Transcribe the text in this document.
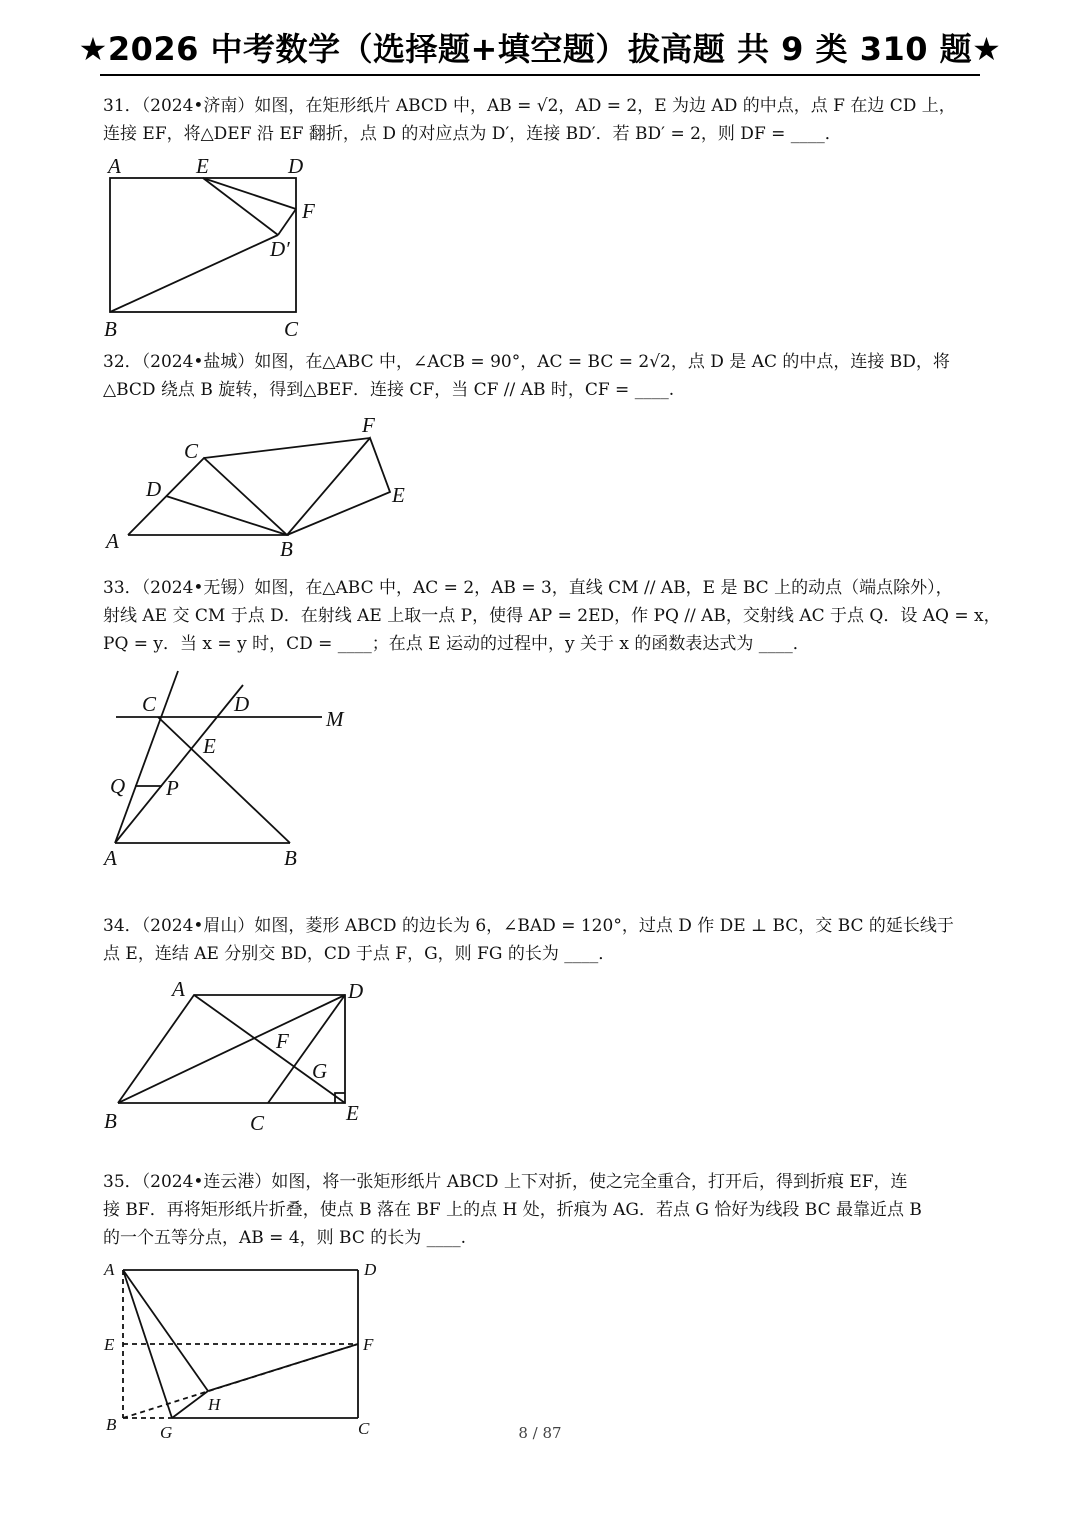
★2026 中考数学（选择题+填空题）拔高题 共 9 类 310 题★
31．（2024•济南）如图，在矩形纸片 ABCD 中，AB = √2，AD = 2，E 为边 AD 的中点，点 F 在边 CD 上，
连接 EF，将△DEF 沿 EF 翻折，点 D 的对应点为 D′，连接 BD′．若 BD′ = 2，则 DF = ____．
A	E	D
F
D′
B	C
32．（2024•盐城）如图，在△ABC 中，∠ACB = 90°，AC = BC = 2√2，点 D 是 AC 的中点，连接 BD，将
△BCD 绕点 B 旋转，得到△BEF．连接 CF，当 CF // AB 时，CF = ____.
C
F
D	E
A	B
33．（2024•无锡）如图，在△ABC 中，AC = 2，AB = 3，直线 CM // AB，E 是 BC 上的动点（端点除外），
射线 AE 交 CM 于点 D．在射线 AE 上取一点 P，使得 AP = 2ED，作 PQ // AB，交射线 AC 于点 Q．设 AQ = x，
PQ = y．当 x = y 时，CD = ____；在点 E 运动的过程中，y 关于 x 的函数表达式为 ____．
C	D
M
E
Q P
A	B
34．（2024•眉山）如图，菱形 ABCD 的边长为 6，∠BAD = 120°，过点 D 作 DE ⊥ BC，交 BC 的延长线于
点 E，连结 AE 分别交 BD，CD 于点 F，G，则 FG 的长为 ____．
A	D
F
G
B	C	E
35．（2024•连云港）如图，将一张矩形纸片 ABCD 上下对折，使之完全重合，打开后，得到折痕 EF，连
接 BF．再将矩形纸片折叠，使点 B 落在 BF 上的点 H 处，折痕为 AG．若点 G 恰好为线段 BC 最靠近点 B
的一个五等分点，AB = 4，则 BC 的长为 ____.
A	D
E	F
H
B	G	C	8 / 87
